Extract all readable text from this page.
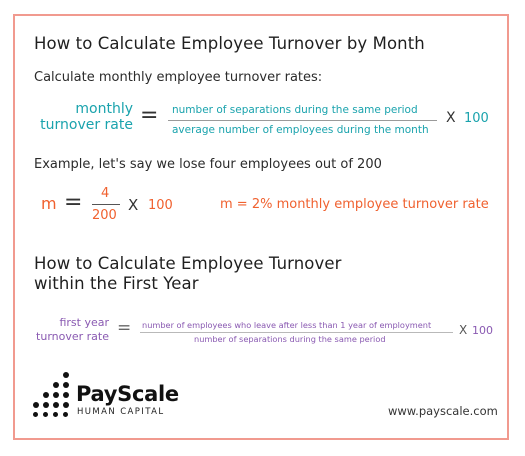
How to Calculate Employee Turnover by Month
Calculate monthly employee turnover rates:
monthly
turnover rate = number of separations during the same period
average number of employees during the month
X 100
Example, let's say we lose four employees out of 200
m = 4
200
X 100	m = 2% monthly employee turnover rate
How to Calculate Employee Turnover
within the First Year
first year
turnover rate = number of employees who leave after less than 1 year of employment
number of separations during the same period
X 100
PayScale
HUMAN CAPITAL	www.payscale.com
